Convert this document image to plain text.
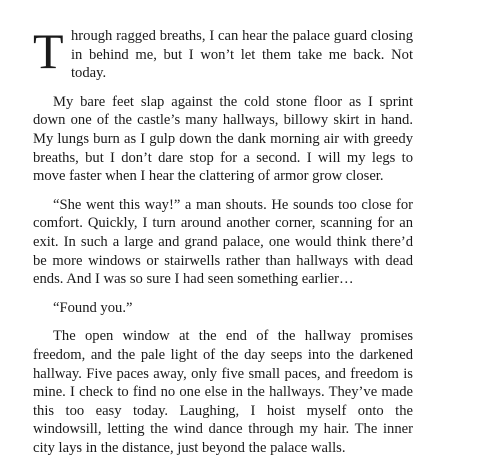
T hrough ragged breaths, I can hear the palace guard closing in behind me, but I won’t let them take me back. Not today.

My bare feet slap against the cold stone floor as I sprint down one of the castle’s many hallways, billowy skirt in hand. My lungs burn as I gulp down the dank morning air with greedy breaths, but I don’t dare stop for a second. I will my legs to move faster when I hear the clattering of armor grow closer.

“She went this way!” a man shouts. He sounds too close for comfort. Quickly, I turn around another corner, scanning for an exit. In such a large and grand palace, one would think there’d be more windows or stairwells rather than hallways with dead ends. And I was so sure I had seen something earlier…

“Found you.”

The open window at the end of the hallway promises freedom, and the pale light of the day seeps into the darkened hallway. Five paces away, only five small paces, and freedom is mine. I check to find no one else in the hallways. They’ve made this too easy today. Laughing, I hoist myself onto the windowsill, letting the wind dance through my hair. The inner city lays in the distance, just beyond the palace walls.
